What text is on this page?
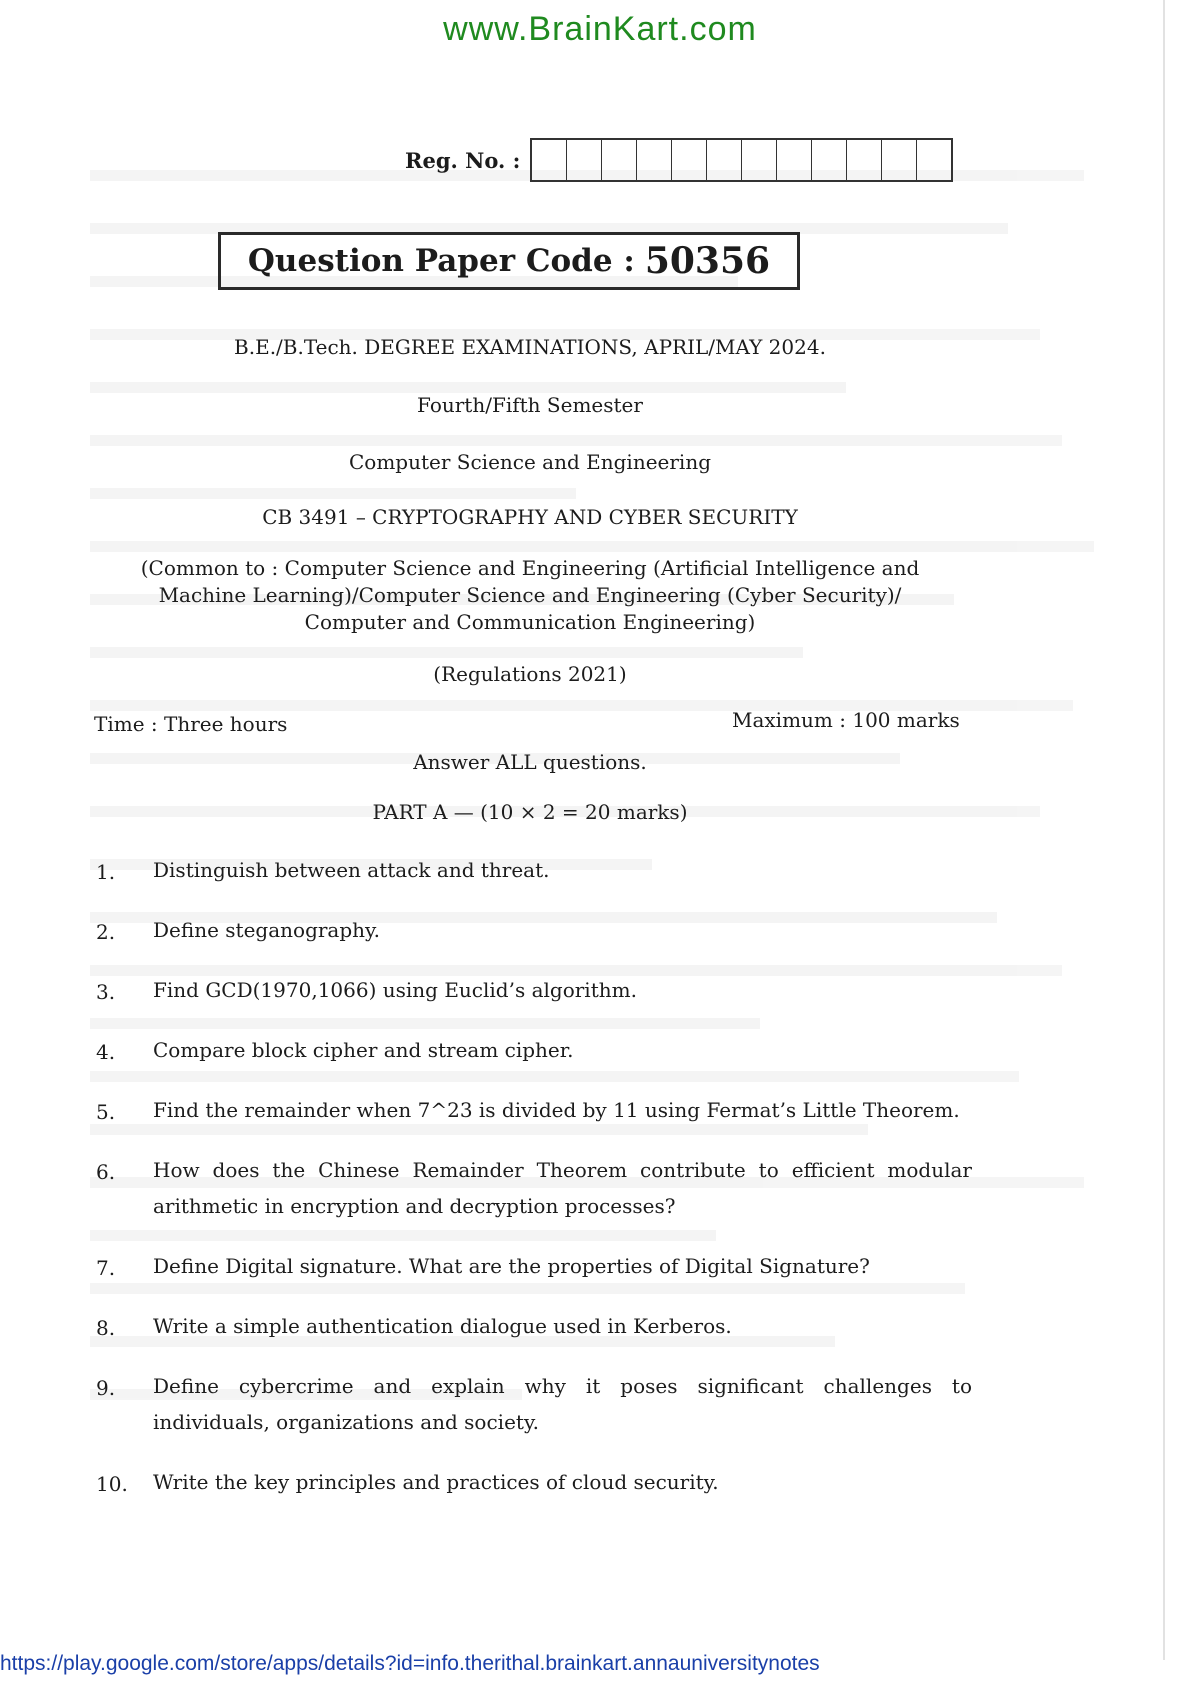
www.BrainKart.com
Reg. No. :
Question Paper Code : 50356
B.E./B.Tech. DEGREE EXAMINATIONS, APRIL/MAY 2024.
Fourth/Fifth Semester
Computer Science and Engineering
CB 3491 – CRYPTOGRAPHY AND CYBER SECURITY
(Common to : Computer Science and Engineering (Artificial Intelligence and
Machine Learning)/Computer Science and Engineering (Cyber Security)/
Computer and Communication Engineering)
(Regulations 2021)
Time : Three hours	Maximum : 100 marks
Answer ALL questions.
PART A — (10 × 2 = 20 marks)
1. Distinguish between attack and threat.
2. Define steganography.
3. Find GCD(1970,1066) using Euclid’s algorithm.
4. Compare block cipher and stream cipher.
5. Find the remainder when 7^23 is divided by 11 using Fermat’s Little Theorem.
6. How does the Chinese Remainder Theorem contribute to efficient modular arithmetic in encryption and decryption processes?
7. Define Digital signature. What are the properties of Digital Signature?
8. Write a simple authentication dialogue used in Kerberos.
9. Define cybercrime and explain why it poses significant challenges to individuals, organizations and society.
10. Write the key principles and practices of cloud security.
https://play.google.com/store/apps/details?id=info.therithal.brainkart.annauniversitynotes
